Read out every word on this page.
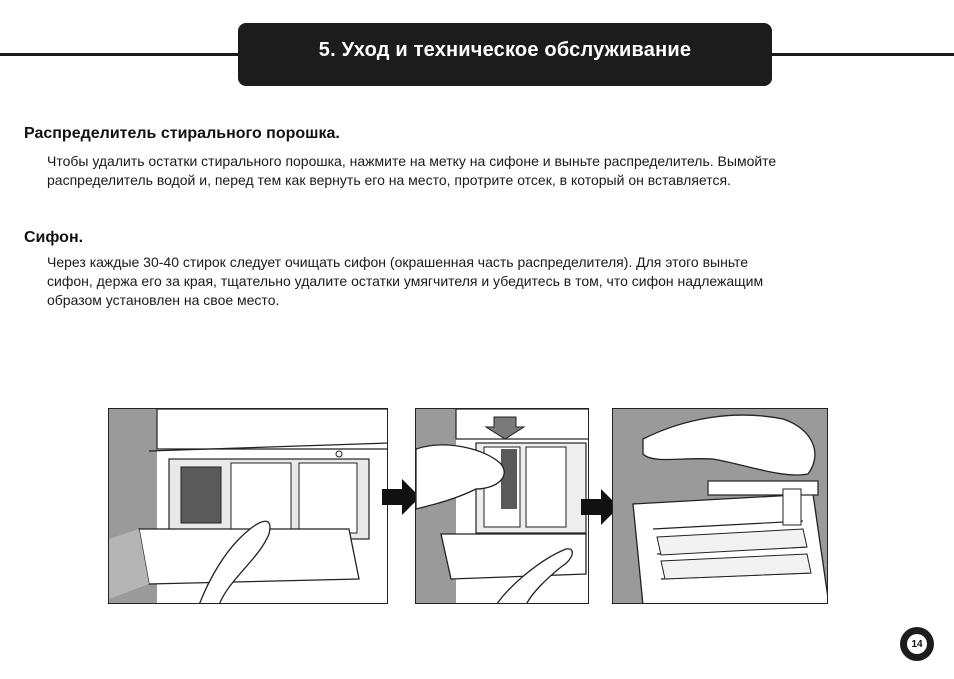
5. Уход и техническое обслуживание
Распределитель стирального порошка.

Чтобы удалить остатки стирального порошка, нажмите на метку на сифоне и выньте распределитель. Вымойте

распределитель водой и, перед тем как вернуть его на место, протрите отсек, в который он вставляется.

Сифон.

Через каждые 30-40 стирок следует очищать сифон (окрашенная часть распределителя). Для этого выньте

сифон, держа его за края, тщательно удалите остатки умягчителя и убедитесь в том, что сифон надлежащим

образом установлен на свое место.

14
